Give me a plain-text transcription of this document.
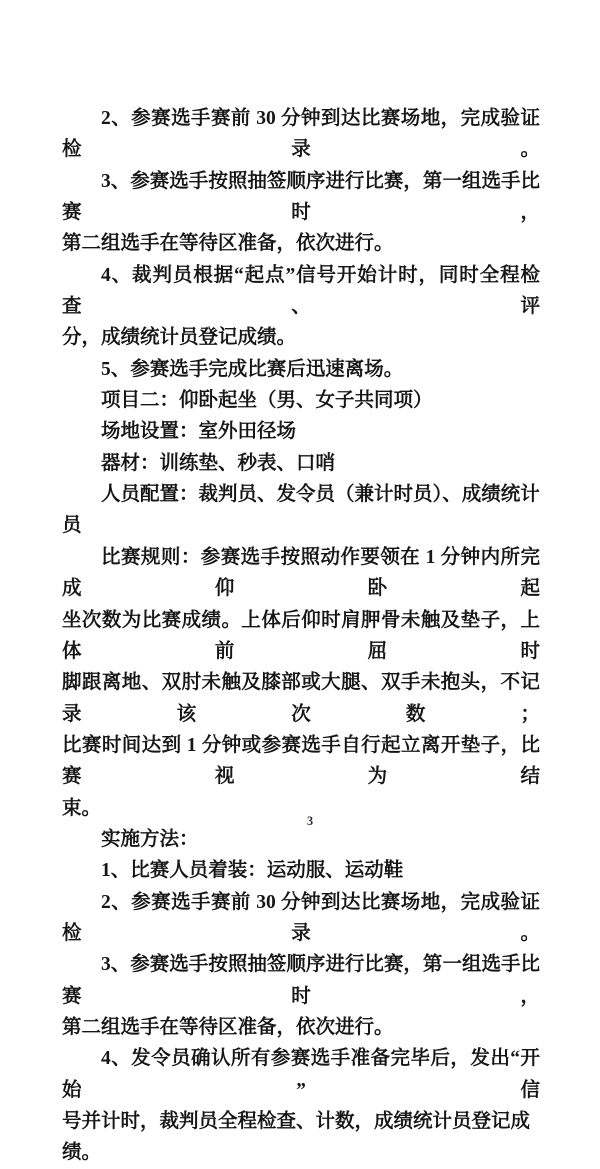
2、参赛选手赛前 30 分钟到达比赛场地，完成验证检录。
3、参赛选手按照抽签顺序进行比赛，第一组选手比赛时，
第二组选手在等待区准备，依次进行。
4、裁判员根据“起点”信号开始计时，同时全程检查、评
分，成绩统计员登记成绩。
5、参赛选手完成比赛后迅速离场。
项目二：仰卧起坐（男、女子共同项）
场地设置：室外田径场
器材：训练垫、秒表、口哨
人员配置：裁判员、发令员（兼计时员）、成绩统计员
比赛规则：参赛选手按照动作要领在 1 分钟内所完成仰卧起
坐次数为比赛成绩。上体后仰时肩胛骨未触及垫子，上体前屈时
脚跟离地、双肘未触及膝部或大腿、双手未抱头，不记录该次数；
比赛时间达到 1 分钟或参赛选手自行起立离开垫子，比赛视为结
束。
实施方法：
1、比赛人员着装：运动服、运动鞋
2、参赛选手赛前 30 分钟到达比赛场地，完成验证检录。
3、参赛选手按照抽签顺序进行比赛，第一组选手比赛时，
第二组选手在等待区准备，依次进行。
4、发令员确认所有参赛选手准备完毕后，发出“开始”信
号并计时，裁判员全程检查、计数，成绩统计员登记成绩。
3
